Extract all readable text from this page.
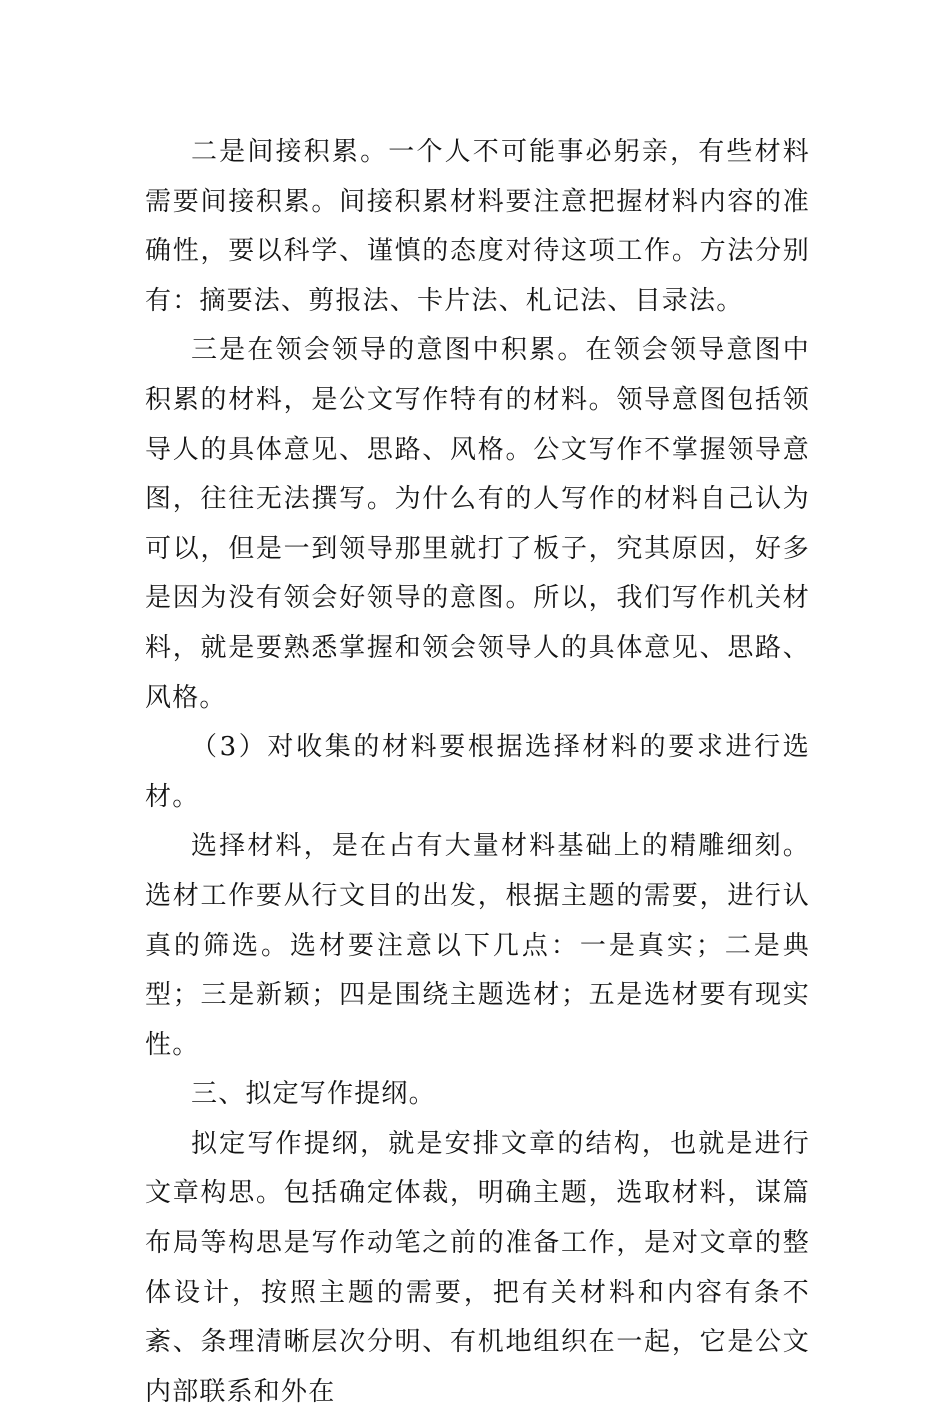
二是间接积累。一个人不可能事必躬亲，有些材料需要间接积累。间接积累材料要注意把握材料内容的准确性，要以科学、谨慎的态度对待这项工作。方法分别有：摘要法、剪报法、卡片法、札记法、目录法。

三是在领会领导的意图中积累。在领会领导意图中积累的材料，是公文写作特有的材料。领导意图包括领导人的具体意见、思路、风格。公文写作不掌握领导意图，往往无法撰写。为什么有的人写作的材料自己认为可以，但是一到领导那里就打了板子，究其原因，好多是因为没有领会好领导的意图。所以，我们写作机关材料，就是要熟悉掌握和领会领导人的具体意见、思路、风格。

（3）对收集的材料要根据选择材料的要求进行选材。

选择材料，是在占有大量材料基础上的精雕细刻。选材工作要从行文目的出发，根据主题的需要，进行认真的筛选。选材要注意以下几点：一是真实；二是典型；三是新颖；四是围绕主题选材；五是选材要有现实性。

三、拟定写作提纲。

拟定写作提纲，就是安排文章的结构，也就是进行文章构思。包括确定体裁，明确主题，选取材料，谋篇布局等构思是写作动笔之前的准备工作，是对文章的整体设计，按照主题的需要，把有关材料和内容有条不紊、条理清晰层次分明、有机地组织在一起，它是公文内部联系和外在
